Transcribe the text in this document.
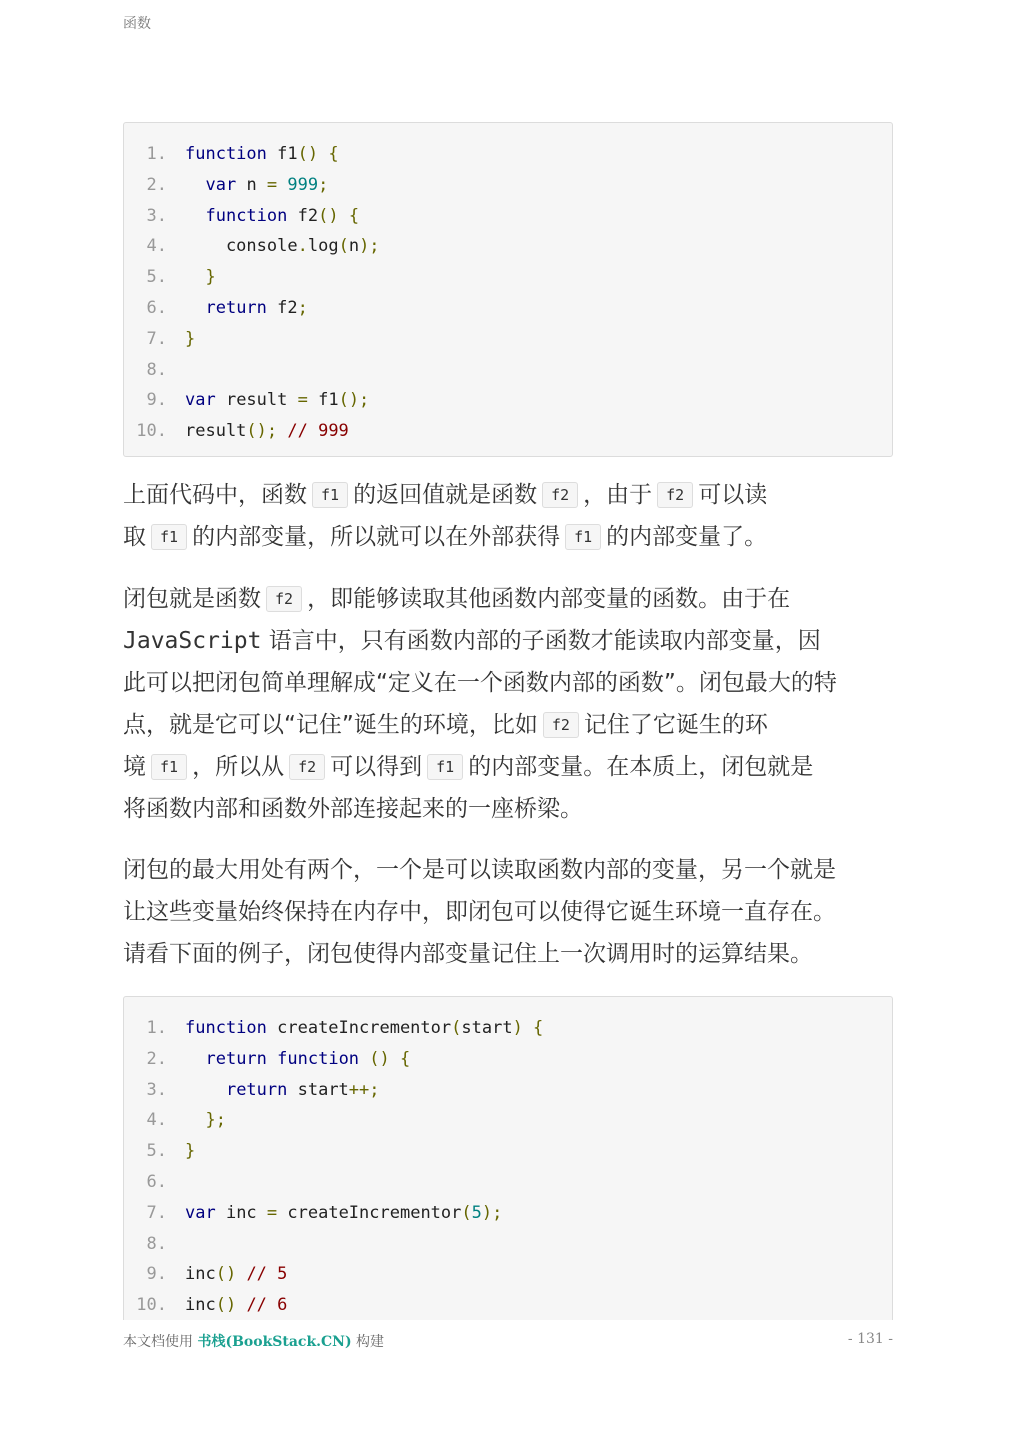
函数
1. function f1() {
2.	var n = 999;
3.	function f2() {
4. console.log(n);
5.	}
6.	return f2;
7. }
8.
9. var result = f1();
10. result(); // 999
上面代码中，函数 f1 的返回值就是函数 f2 ，由于 f2 可以读
取 f1 的内部变量，所以就可以在外部获得 f1 的内部变量了。
闭包就是函数 f2 ，即能够读取其他函数内部变量的函数。由于在
JavaScript 语言中，只有函数内部的子函数才能读取内部变量，因
此可以把闭包简单理解成“定义在一个函数内部的函数”。闭包最大的特
点，就是它可以“记住”诞生的环境，比如 f2 记住了它诞生的环
境 f1 ，所以从 f2 可以得到 f1 的内部变量。在本质上，闭包就是
将函数内部和函数外部连接起来的一座桥梁。
闭包的最大用处有两个，一个是可以读取函数内部的变量，另一个就是
让这些变量始终保持在内存中，即闭包可以使得它诞生环境一直存在。
请看下面的例子，闭包使得内部变量记住上一次调用时的运算结果。
1. function createIncrementor(start) {
2.	return function () {
3.	return start++;
4.	};
5. }
6.
7. var inc = createIncrementor(5);
8.
9. inc() // 5
10. inc() // 6
本文档使用 书栈(BookStack.CN) 构建	- 131 -
